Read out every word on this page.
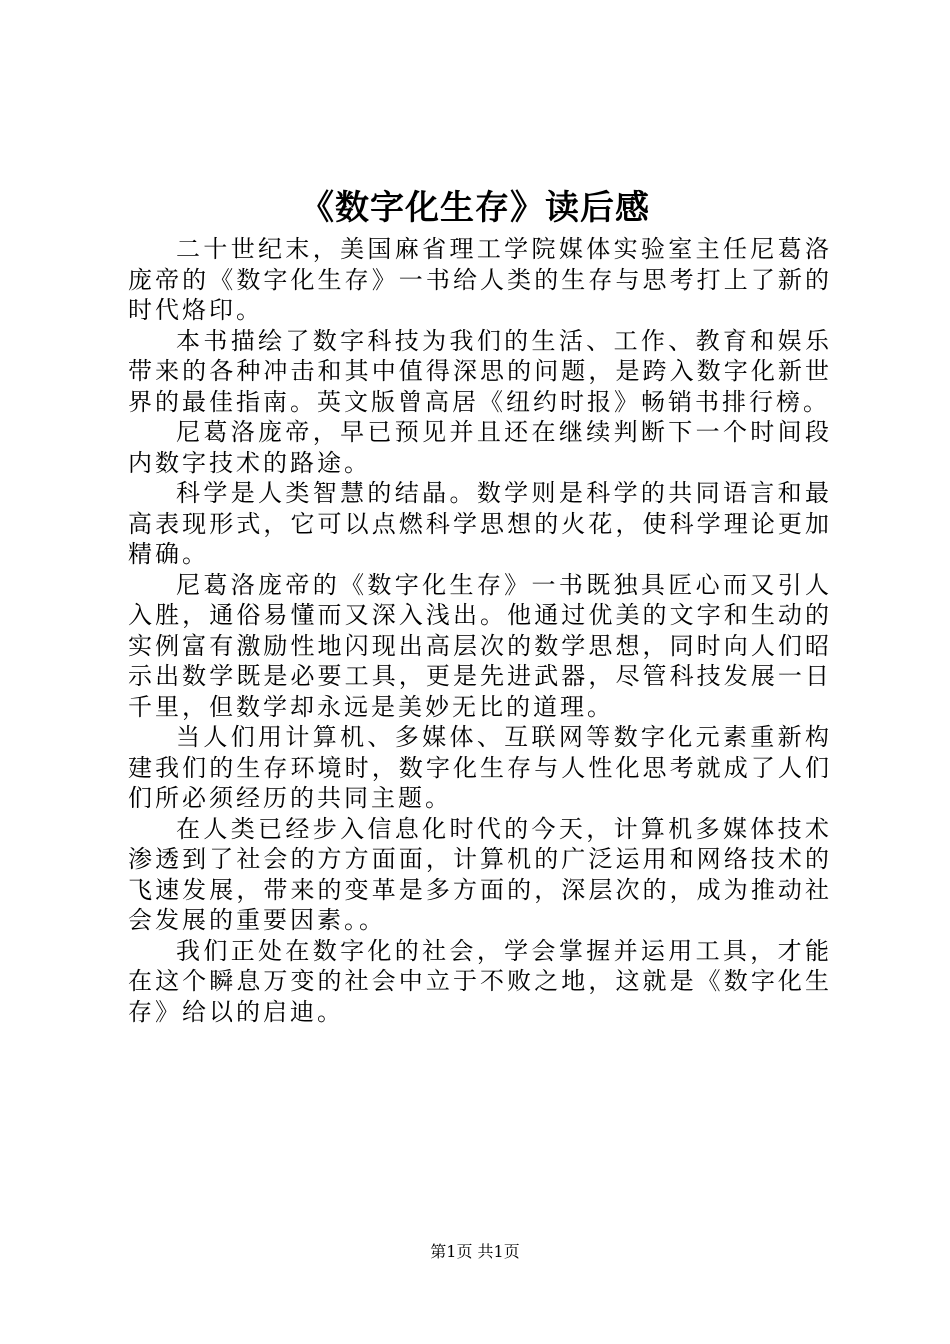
《数字化生存》读后感

二十世纪末，美国麻省理工学院媒体实验室主任尼葛洛庞帝的《数字化生存》一书给人类的生存与思考打上了新的时代烙印。

本书描绘了数字科技为我们的生活、工作、教育和娱乐带来的各种冲击和其中值得深思的问题，是跨入数字化新世界的最佳指南。英文版曾高居《纽约时报》畅销书排行榜。

尼葛洛庞帝，早已预见并且还在继续判断下一个时间段内数字技术的路途。

科学是人类智慧的结晶。数学则是科学的共同语言和最高表现形式，它可以点燃科学思想的火花，使科学理论更加精确。

尼葛洛庞帝的《数字化生存》一书既独具匠心而又引人入胜，通俗易懂而又深入浅出。他通过优美的文字和生动的实例富有激励性地闪现出高层次的数学思想，同时向人们昭示出数学既是必要工具，更是先进武器，尽管科技发展一日千里，但数学却永远是美妙无比的道理。

当人们用计算机、多媒体、互联网等数字化元素重新构建我们的生存环境时，数字化生存与人性化思考就成了人们们所必须经历的共同主题。

在人类已经步入信息化时代的今天，计算机多媒体技术渗透到了社会的方方面面，计算机的广泛运用和网络技术的飞速发展，带来的变革是多方面的，深层次的，成为推动社会发展的重要因素。。

我们正处在数字化的社会，学会掌握并运用工具，才能在这个瞬息万变的社会中立于不败之地，这就是《数字化生存》给以的启迪。

第1页 共1页
